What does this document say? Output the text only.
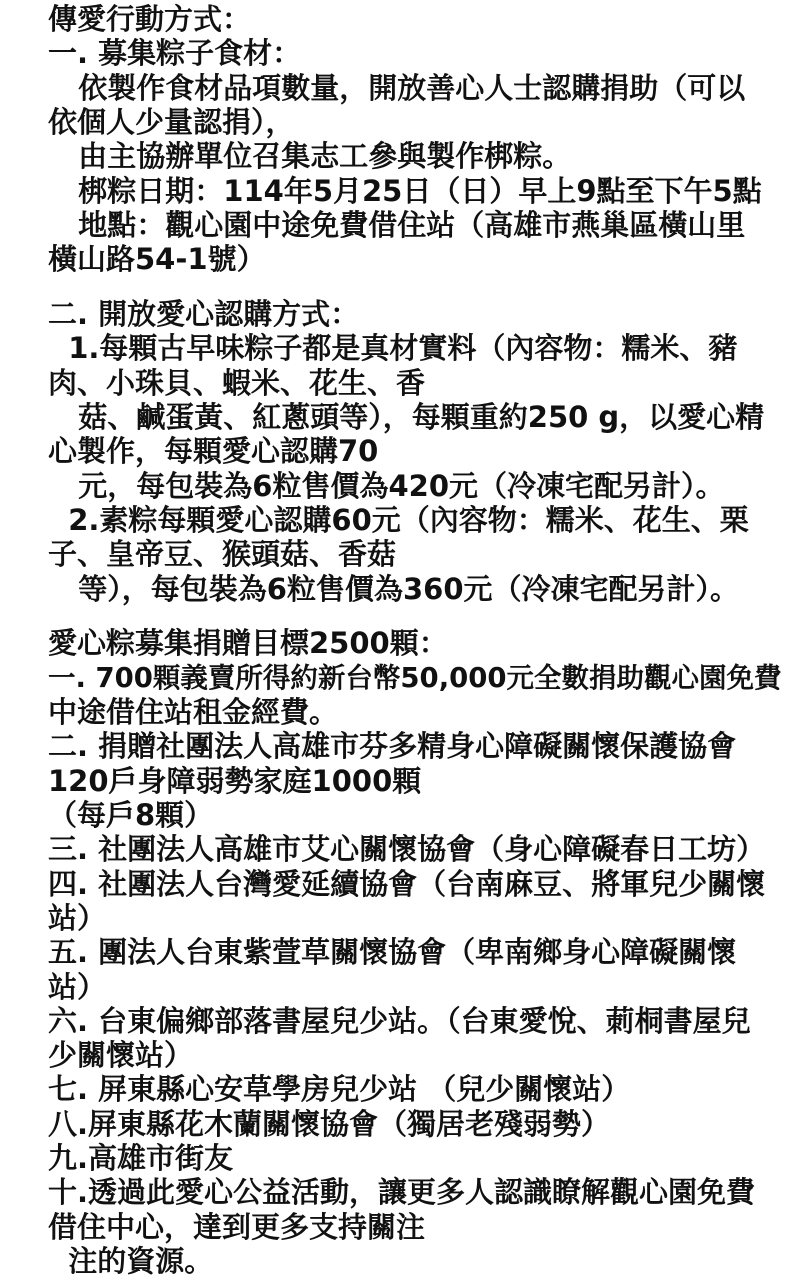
傳愛行動方式：
一. 募集粽子食材：
依製作食材品項數量，開放善心人士認購捐助（可以
依個人少量認捐），
由主協辦單位召集志工參與製作梆粽。
梆粽日期：114年5月25日（日）早上9點至下午5點
地點：觀心園中途免費借住站（高雄市燕巢區橫山里
橫山路54-1號）
二. 開放愛心認購方式：
1.每顆古早味粽子都是真材實料（內容物：糯米、豬
肉、小珠貝、蝦米、花生、香
菇、鹹蛋黃、紅蔥頭等），每顆重約250 g，以愛心精
心製作，每顆愛心認購70
元，每包裝為6粒售價為420元（冷凍宅配另計）。
2.素粽每顆愛心認購60元（內容物：糯米、花生、栗
子、皇帝豆、猴頭菇、香菇
等），每包裝為6粒售價為360元（冷凍宅配另計）。
愛心粽募集捐贈目標2500顆：
一. 700顆義賣所得約新台幣50,000元全數捐助觀心園免費
中途借住站租金經費。
二. 捐贈社團法人高雄市芬多精身心障礙關懷保護協會
120戶身障弱勢家庭1000顆
（每戶8顆）
三. 社團法人高雄市艾心關懷協會（身心障礙春日工坊）
四. 社團法人台灣愛延續協會（台南麻豆、將軍兒少關懷
站）
五. 團法人台東紫萱草關懷協會（卑南鄉身心障礙關懷
站）
六. 台東偏鄉部落書屋兒少站。（台東愛悅、莿桐書屋兒
少關懷站）
七. 屏東縣心安草學房兒少站 （兒少關懷站）
八.屏東縣花木蘭關懷協會（獨居老殘弱勢）
九.高雄市街友
十.透過此愛心公益活動，讓更多人認識瞭解觀心園免費
借住中心，達到更多支持關注
注的資源。
